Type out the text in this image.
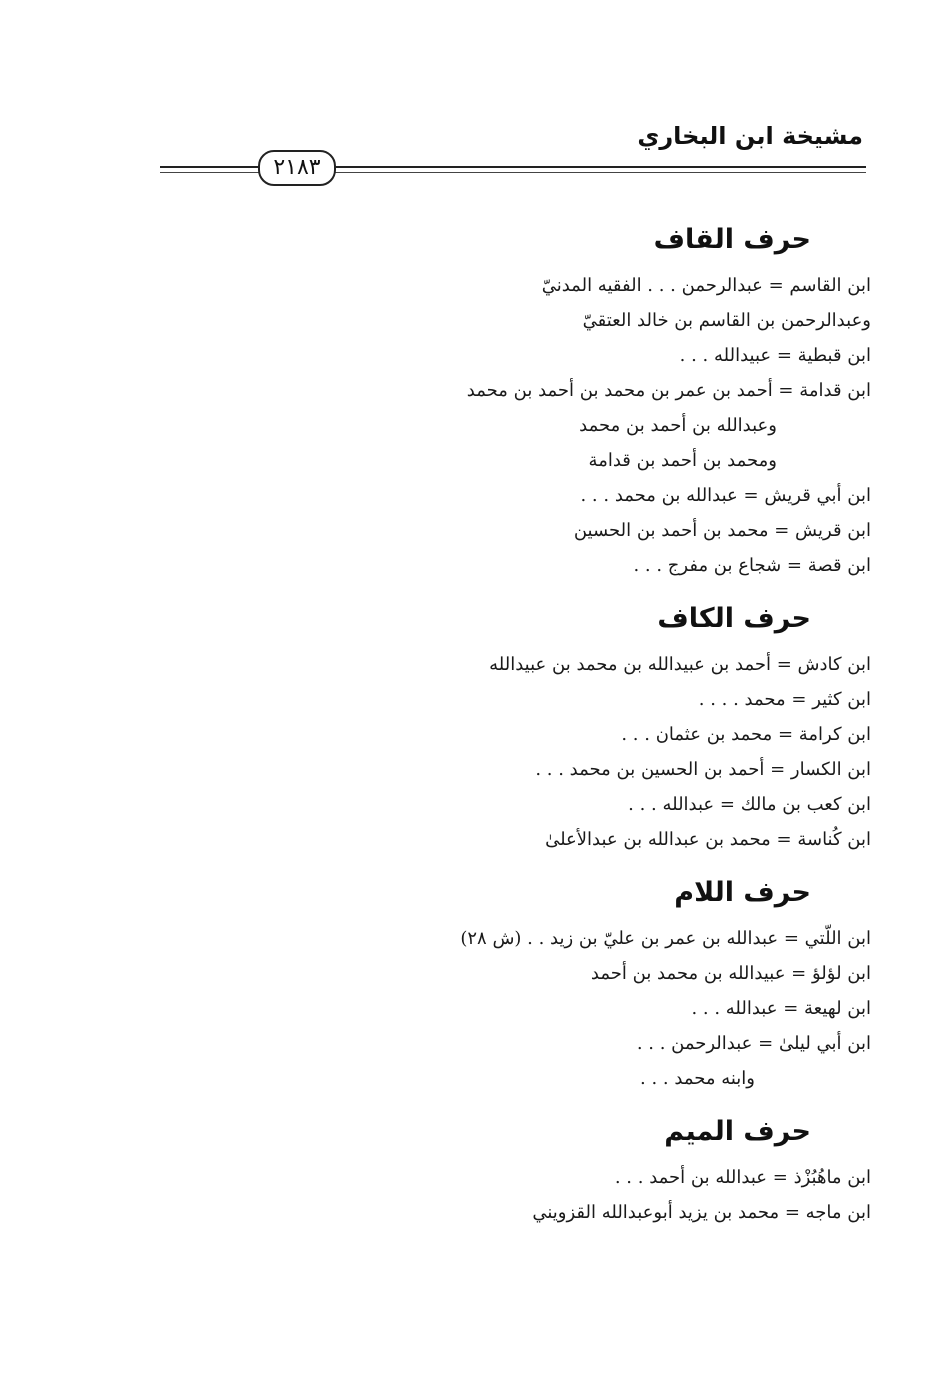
مشيخة ابن البخاري
٢١٨٣
حرف القاف
ابن القاسم = عبدالرحمن . . . الفقيه المدنيّ
وعبدالرحمن بن القاسم بن خالد العتقيّ
ابن قبطية = عبيدالله . . .
ابن قدامة = أحمد بن عمر بن محمد بن أحمد بن محمد
وعبدالله بن أحمد بن محمد
ومحمد بن أحمد بن قدامة
ابن أبي قريش = عبدالله بن محمد . . .
ابن قريش = محمد بن أحمد بن الحسين
ابن قصة = شجاع بن مفرج . . .
حرف الكاف
ابن كادش = أحمد بن عبيدالله بن محمد بن عبيدالله
ابن كثير = محمد . . . .
ابن كرامة = محمد بن عثمان . . .
ابن الكسار = أحمد بن الحسين بن محمد . . .
ابن كعب بن مالك = عبدالله . . .
ابن كُناسة = محمد بن عبدالله بن عبدالأعلىٰ
حرف اللام
ابن اللّتي = عبدالله بن عمر بن عليّ بن زيد . . (ش ٢٨)
ابن لؤلؤ = عبيدالله بن محمد بن أحمد
ابن لهيعة = عبدالله . . .
ابن أبي ليلىٰ = عبدالرحمن . . .
وابنه محمد . . .
حرف الميم
ابن ماهُبُزْذ = عبدالله بن أحمد . . .
ابن ماجه = محمد بن يزيد أبوعبدالله القزويني
